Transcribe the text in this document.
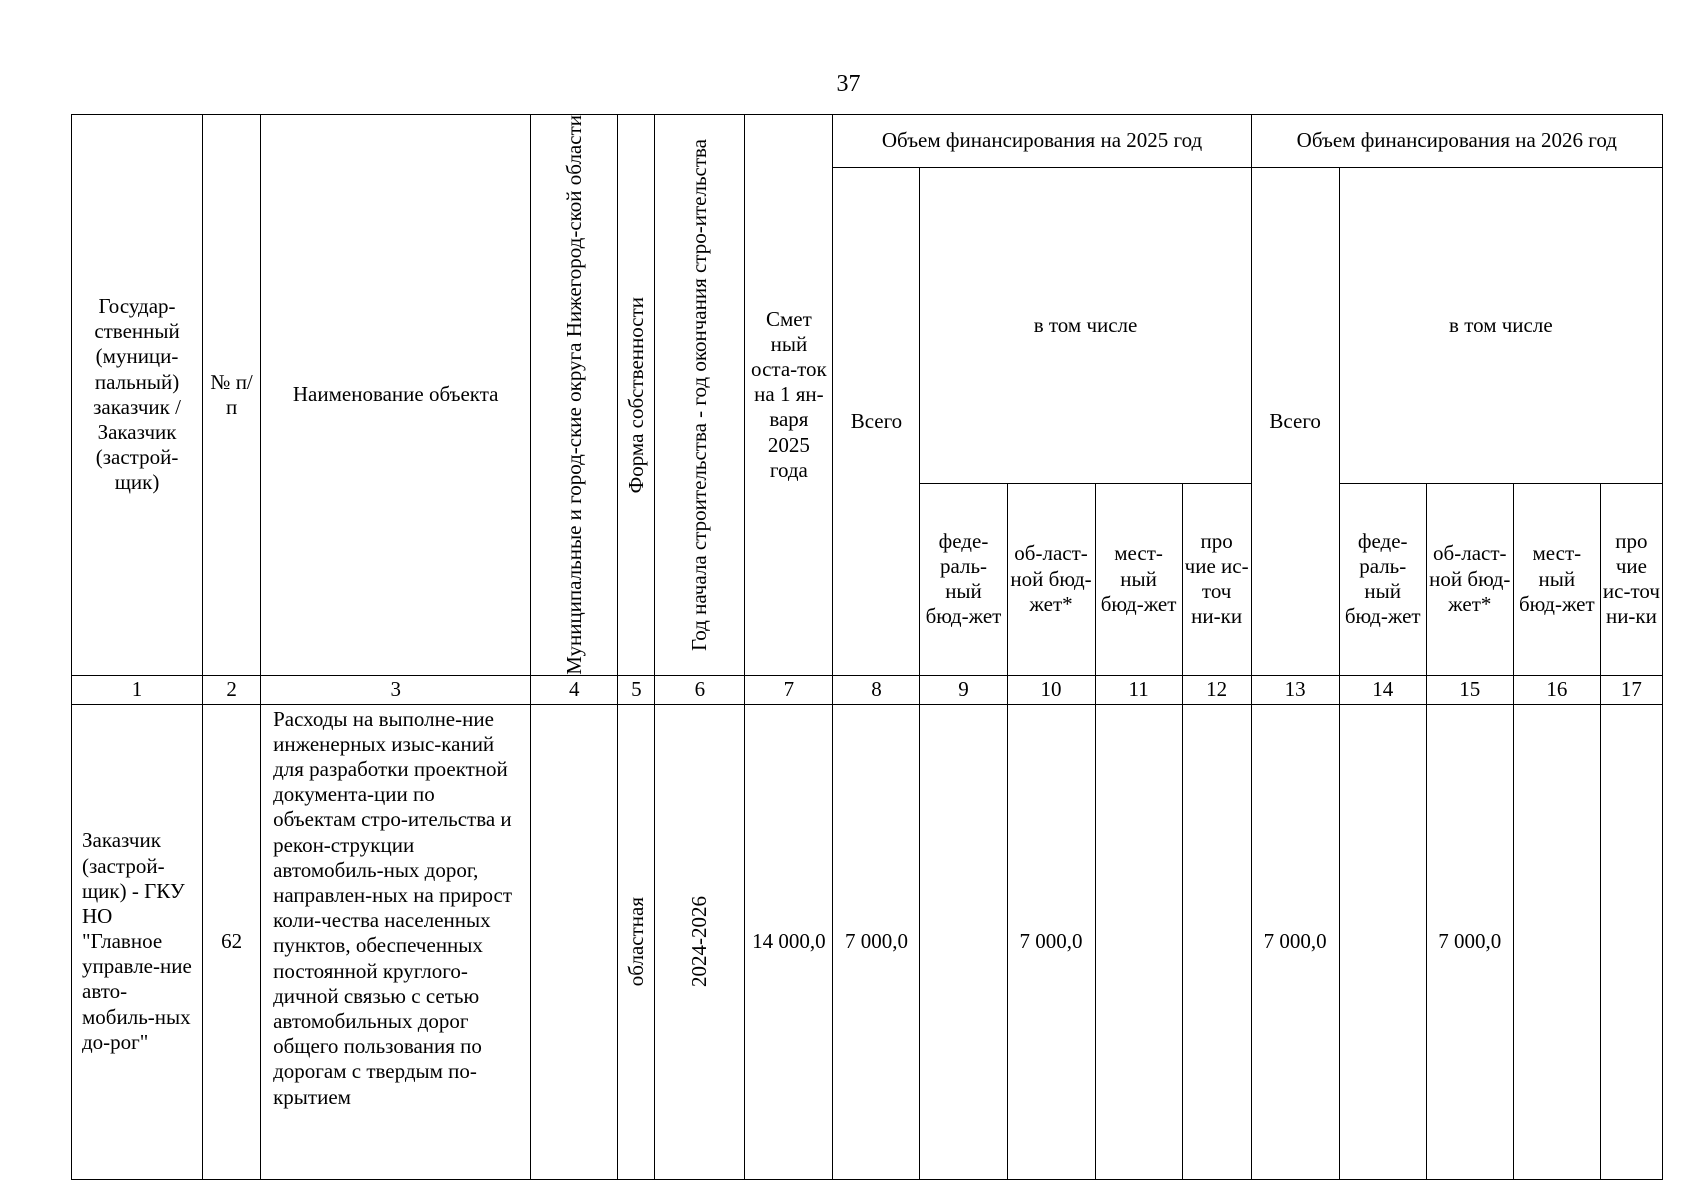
37
Государ-ственный (муници-пальный) заказчик / Заказчик (застрой-щик)	№ п/п	Наименование объекта	Муниципальные и город-ские округа Нижегород-ской области	Форма собственности	Год начала строительства - год окончания стро-ительства	Смет ный оста-ток на 1 ян-варя 2025 года	Объем финансирования на 2025 год					Объем финансирования на 2026 год				
							Всего	в том числе				Всего	в том числе			
								феде-раль-ный бюд-жет	об-ласт-ной бюд-жет*	мест-ный бюд-жет	про чие ис-точ ни-ки		феде-раль-ный бюд-жет	об-ласт-ной бюд-жет*	мест-ный бюд-жет	про чие ис-точ ни-ки
1	2	3	4	5	6	7	8	9	10	11	12	13	14	15	16	17
Заказчик (застрой-щик) - ГКУ НО "Главное управле-ние авто-мобиль-ных до-рог"	62	Расходы на выполне-ние инженерных изыс-каний для разработки проектной документа-ции по объектам стро-ительства и рекон-струкции автомобиль-ных дорог, направлен-ных на прирост коли-чества населенных пунктов, обеспеченных постоянной круглого-дичной связью с сетью автомобильных дорог общего пользования по дорогам с твердым по-крытием		областная	2024-2026	14 000,0	7 000,0		7 000,0			7 000,0		7 000,0		
